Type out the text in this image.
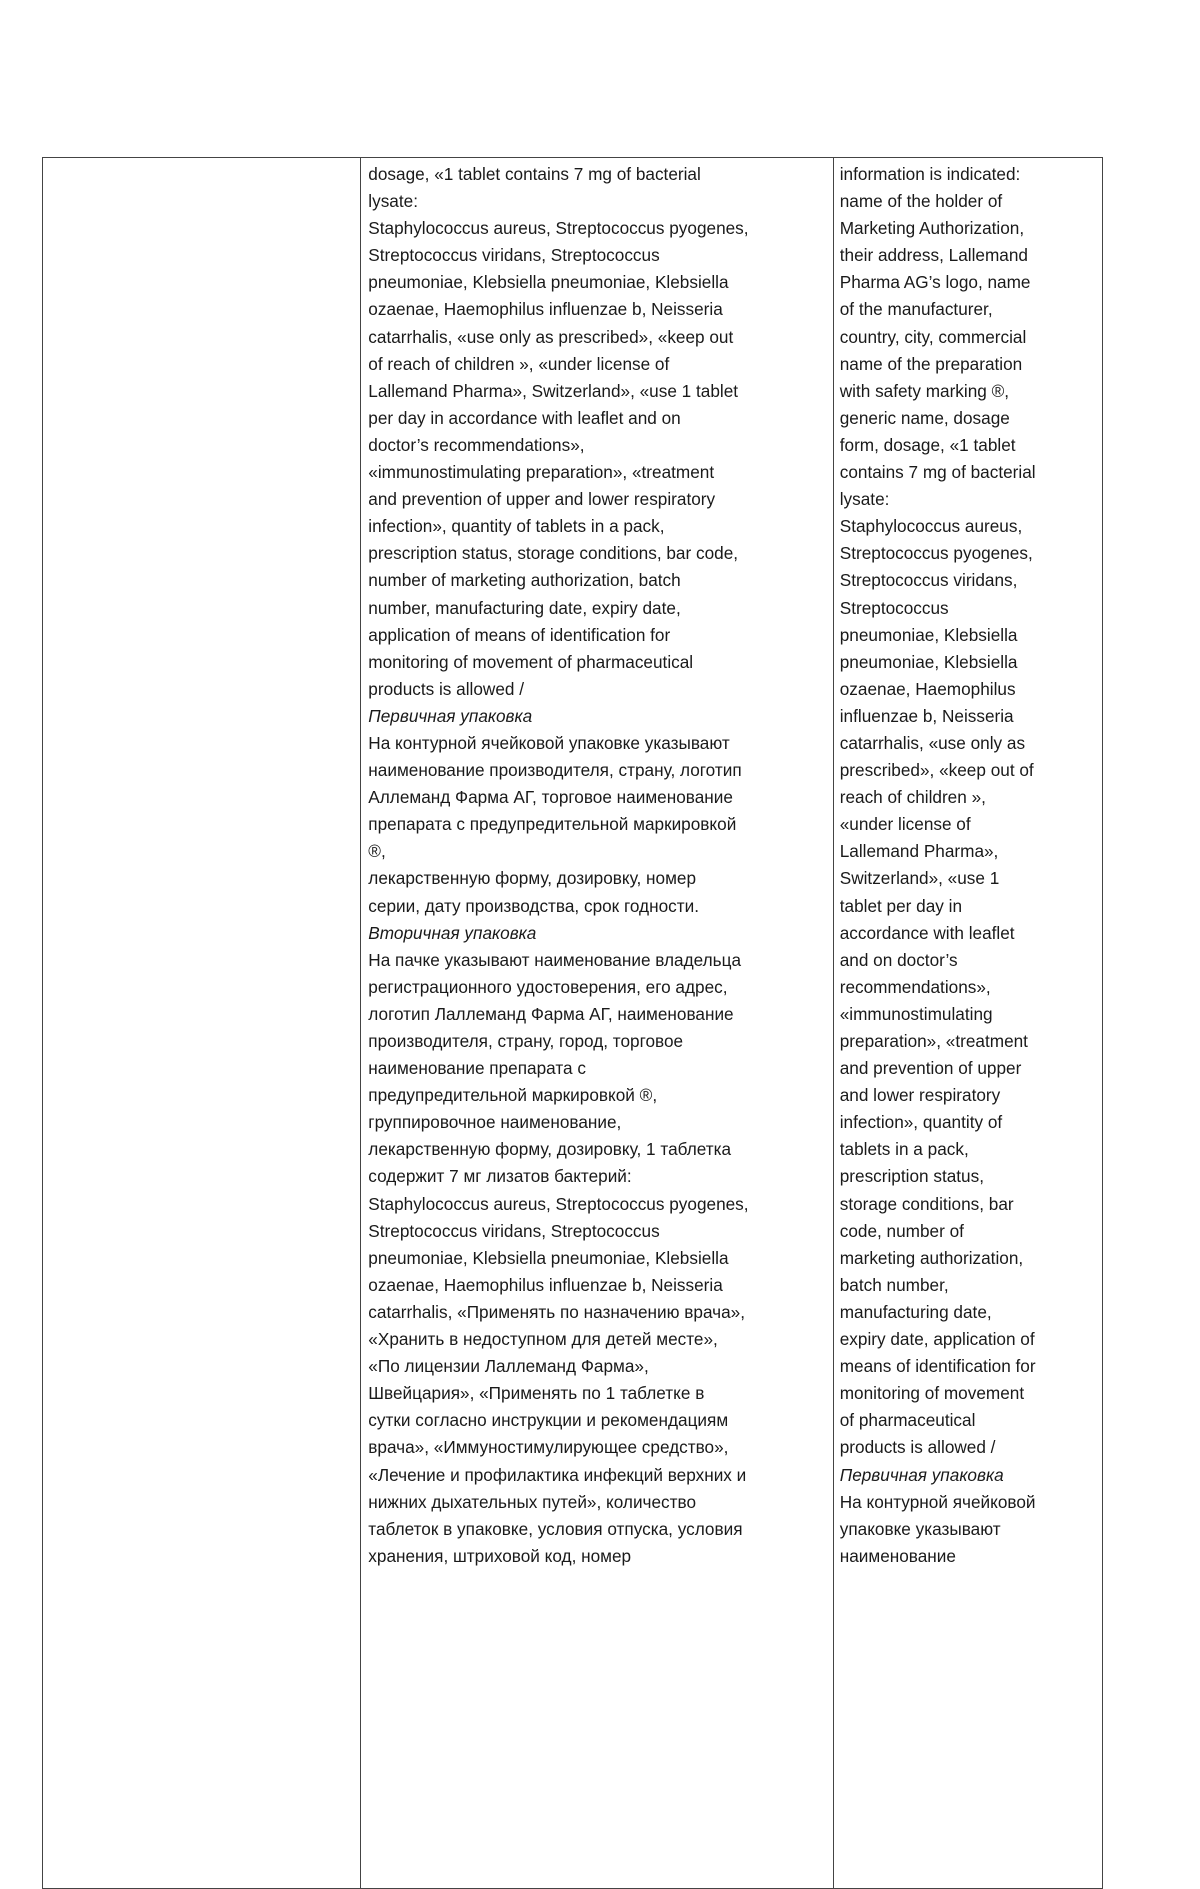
dosage, «1 tablet contains 7 mg of bacterial
lysate:
Staphylococcus aureus, Streptococcus pyogenes,
Streptococcus viridans, Streptococcus
pneumoniae, Klebsiella pneumoniae, Klebsiella
ozaenae, Haemophilus influenzae b, Neisseria
catarrhalis, «use only as prescribed», «keep out
of reach of children », «under license of
Lallemand Pharma», Switzerland», «use 1 tablet
per day in accordance with leaflet and on
doctor’s recommendations»,
«immunostimulating preparation», «treatment
and prevention of upper and lower respiratory
infection», quantity of tablets in a pack,
prescription status, storage conditions, bar code,
number of marketing authorization, batch
number, manufacturing date, expiry date,
application of means of identification for
monitoring of movement of pharmaceutical
products is allowed /
Первичная упаковка
На контурной ячейковой упаковке указывают
наименование производителя, страну, логотип
Аллеманд Фарма АГ, торговое наименование
препарата с предупредительной маркировкой
®,
лекарственную форму, дозировку, номер
серии, дату производства, срок годности.
Вторичная упаковка
На пачке указывают наименование владельца
регистрационного удостоверения, его адрес,
логотип Лаллеманд Фарма АГ, наименование
производителя, страну, город, торговое
наименование препарата с
предупредительной маркировкой ®,
группировочное наименование,
лекарственную форму, дозировку, 1 таблетка
содержит 7 мг лизатов бактерий:
Staphylococcus aureus, Streptococcus pyogenes,
Streptococcus viridans, Streptococcus
pneumoniae, Klebsiella pneumoniae, Klebsiella
ozaenae, Haemophilus influenzae b, Neisseria
catarrhalis, «Применять по назначению врача»,
«Хранить в недоступном для детей месте»,
«По лицензии Лаллеманд Фарма»,
Швейцария», «Применять по 1 таблетке в
сутки согласно инструкции и рекомендациям
врача», «Иммуностимулирующее средство»,
«Лечение и профилактика инфекций верхних и
нижних дыхательных путей», количество
таблеток в упаковке, условия отпуска, условия
хранения, штриховой код, номер

information is indicated:
name of the holder of
Marketing Authorization,
their address, Lallemand
Pharma AG’s logo, name
of the manufacturer,
country, city, commercial
name of the preparation
with safety marking ®,
generic name, dosage
form, dosage, «1 tablet
contains 7 mg of bacterial
lysate:
Staphylococcus aureus,
Streptococcus pyogenes,
Streptococcus viridans,
Streptococcus
pneumoniae, Klebsiella
pneumoniae, Klebsiella
ozaenae, Haemophilus
influenzae b, Neisseria
catarrhalis, «use only as
prescribed», «keep out of
reach of children »,
«under license of
Lallemand Pharma»,
Switzerland», «use 1
tablet per day in
accordance with leaflet
and on doctor’s
recommendations»,
«immunostimulating
preparation», «treatment
and prevention of upper
and lower respiratory
infection», quantity of
tablets in a pack,
prescription status,
storage conditions, bar
code, number of
marketing authorization,
batch number,
manufacturing date,
expiry date, application of
means of identification for
monitoring of movement
of pharmaceutical
products is allowed /
Первичная упаковка
На контурной ячейковой
упаковке указывают
наименование
